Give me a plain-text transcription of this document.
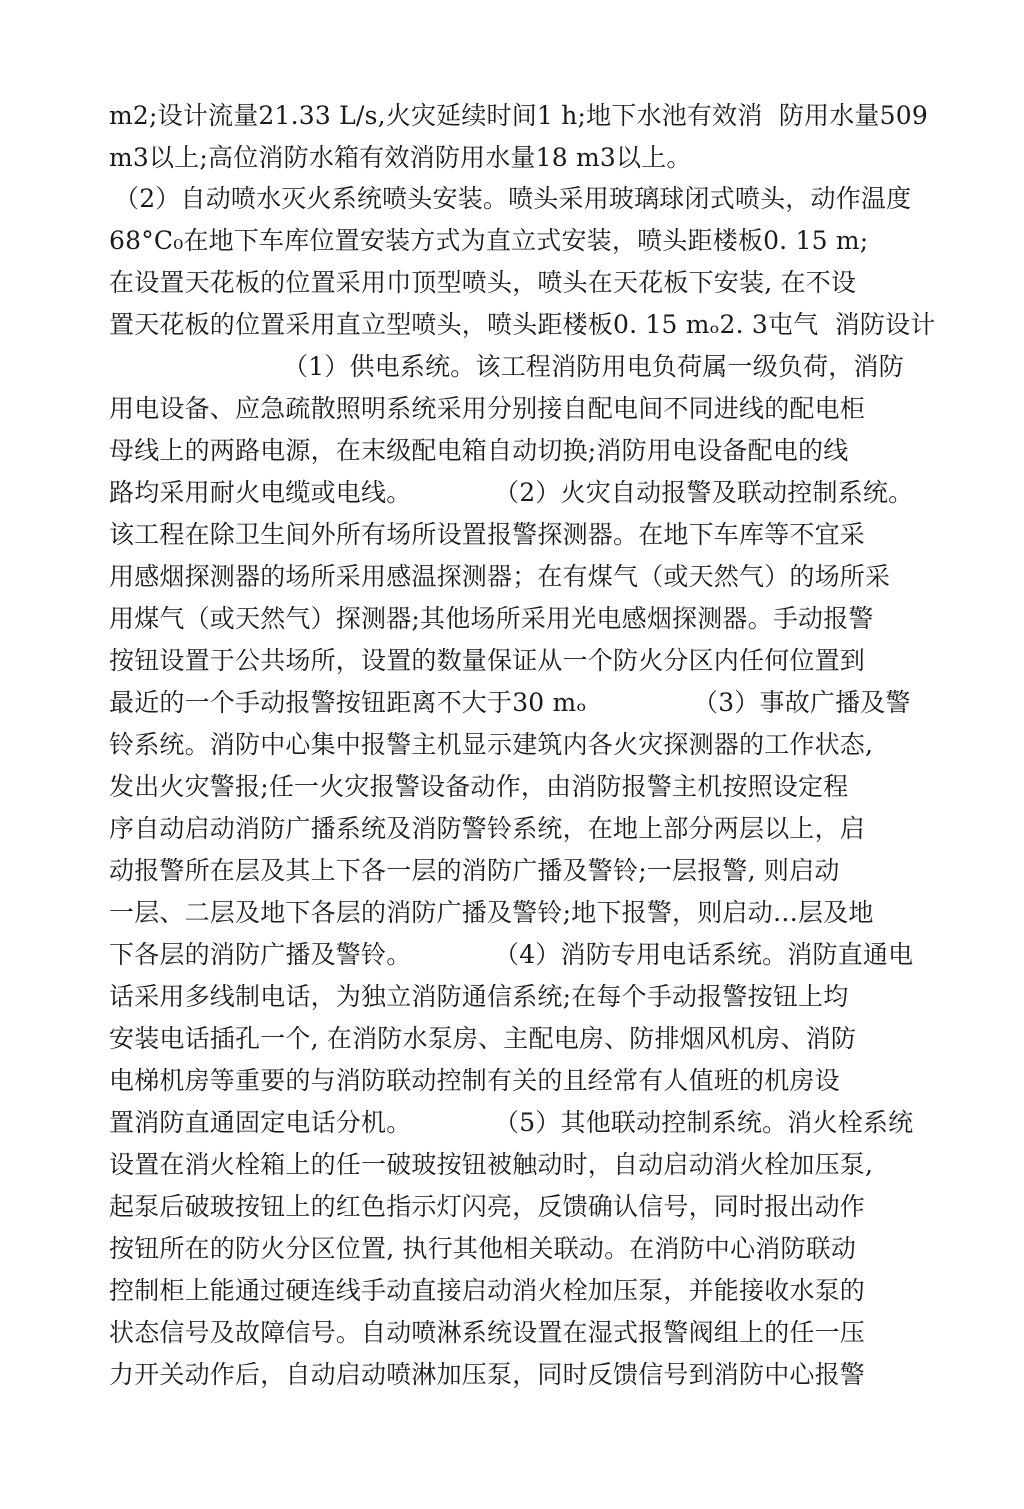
m2;设计流量21.33 L/s,火灾延续时间1 h;地下水池有效消  防用水量509
m3以上;高位消防水箱有效消防用水量18 m3以上。
（2）自动喷水灭火系统喷头安装。喷头采用玻璃球闭式喷头，动作温度
68°C₀在地下车库位置安装方式为直立式安装，喷头距楼板0. 15 m;
在设置天花板的位置采用巾顶型喷头，喷头在天花板下安装, 在不设
置天花板的位置采用直立型喷头，喷头距楼板0. 15 mₒ2. 3屯气  消防设计
（1）供电系统。该工程消防用电负荷属一级负荷，消防
用电设备、应急疏散照明系统采用分别接自配电间不同进线的配电柜
母线上的两路电源，在末级配电箱自动切换;消防用电设备配电的线
路均采用耐火电缆或电线。	（2）火灾自动报警及联动控制系统。
该工程在除卫生间外所有场所设置报警探测器。在地下车库等不宜采
用感烟探测器的场所采用感温探测器；在有煤气（或天然气）的场所采
用煤气（或天然气）探测器;其他场所采用光电感烟探测器。手动报警
按钮设置于公共场所，设置的数量保证从一个防火分区内任何位置到
最近的一个手动报警按钮距离不大于30 mₒ	（3）事故广播及警
铃系统。消防中心集中报警主机显示建筑内各火灾探测器的工作状态,
发出火灾警报;任一火灾报警设备动作，由消防报警主机按照设定程
序自动启动消防广播系统及消防警铃系统，在地上部分两层以上，启
动报警所在层及其上下各一层的消防广播及警铃;一层报警, 则启动
一层、二层及地下各层的消防广播及警铃;地下报警，则启动…层及地
下各层的消防广播及警铃。	（4）消防专用电话系统。消防直通电
话采用多线制电话，为独立消防通信系统;在每个手动报警按钮上均
安装电话插孔一个, 在消防水泵房、主配电房、防排烟风机房、消防
电梯机房等重要的与消防联动控制有关的且经常有人值班的机房设
置消防直通固定电话分机。	（5）其他联动控制系统。消火栓系统
设置在消火栓箱上的任一破玻按钮被触动时，自动启动消火栓加压泵,
起泵后破玻按钮上的红色指示灯闪亮，反馈确认信号，同时报出动作
按钮所在的防火分区位置, 执行其他相关联动。在消防中心消防联动
控制柜上能通过硬连线手动直接启动消火栓加压泵，并能接收水泵的
状态信号及故障信号。自动喷淋系统设置在湿式报警阀组上的任一压
力开关动作后，自动启动喷淋加压泵，同时反馈信号到消防中心报警
